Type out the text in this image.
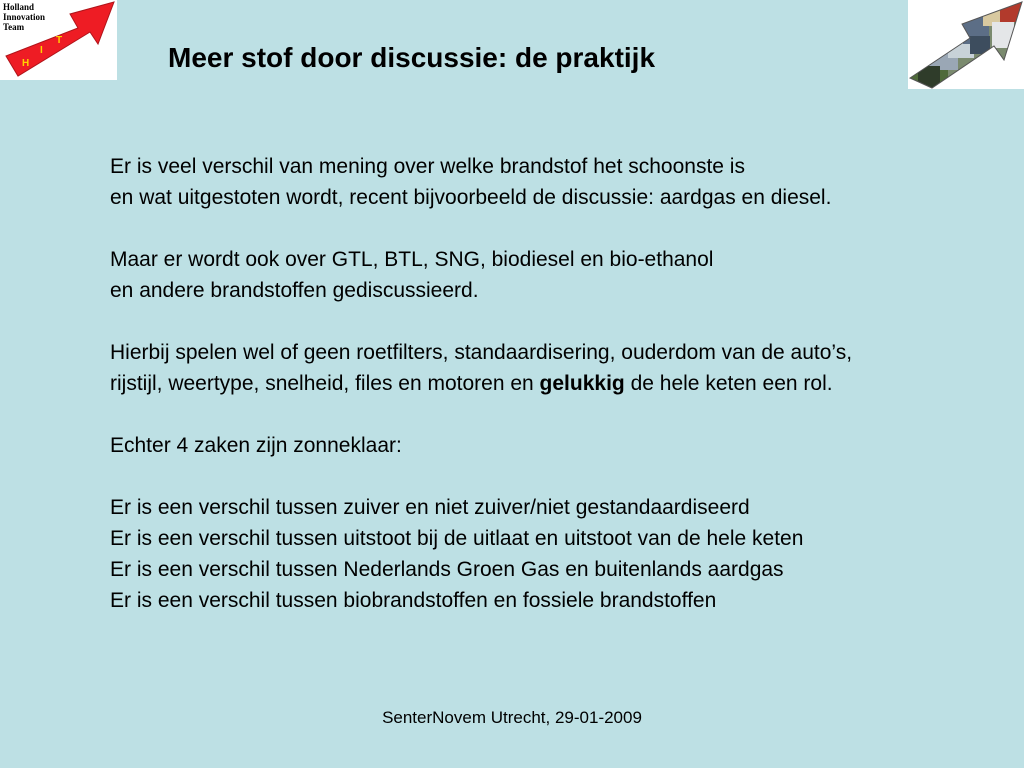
Holland
Innovation
Team
H
I
T
Meer stof door discussie: de praktijk
Er is veel verschil van mening over welke brandstof het schoonste is
en wat uitgestoten wordt, recent bijvoorbeeld de discussie: aardgas en diesel.
Maar er wordt ook over GTL, BTL, SNG, biodiesel en bio-ethanol
en andere brandstoffen gediscussieerd.
Hierbij spelen wel of geen roetfilters, standaardisering, ouderdom van de auto’s,
rijstijl, weertype, snelheid, files en motoren en gelukkig de hele keten een rol.
Echter 4 zaken zijn zonneklaar:
Er is een verschil tussen zuiver en niet zuiver/niet gestandaardiseerd
Er is een verschil tussen uitstoot bij de uitlaat en uitstoot van de hele keten
Er is een verschil tussen Nederlands Groen Gas en buitenlands aardgas
Er is een verschil tussen biobrandstoffen en fossiele brandstoffen
SenterNovem Utrecht, 29-01-2009
